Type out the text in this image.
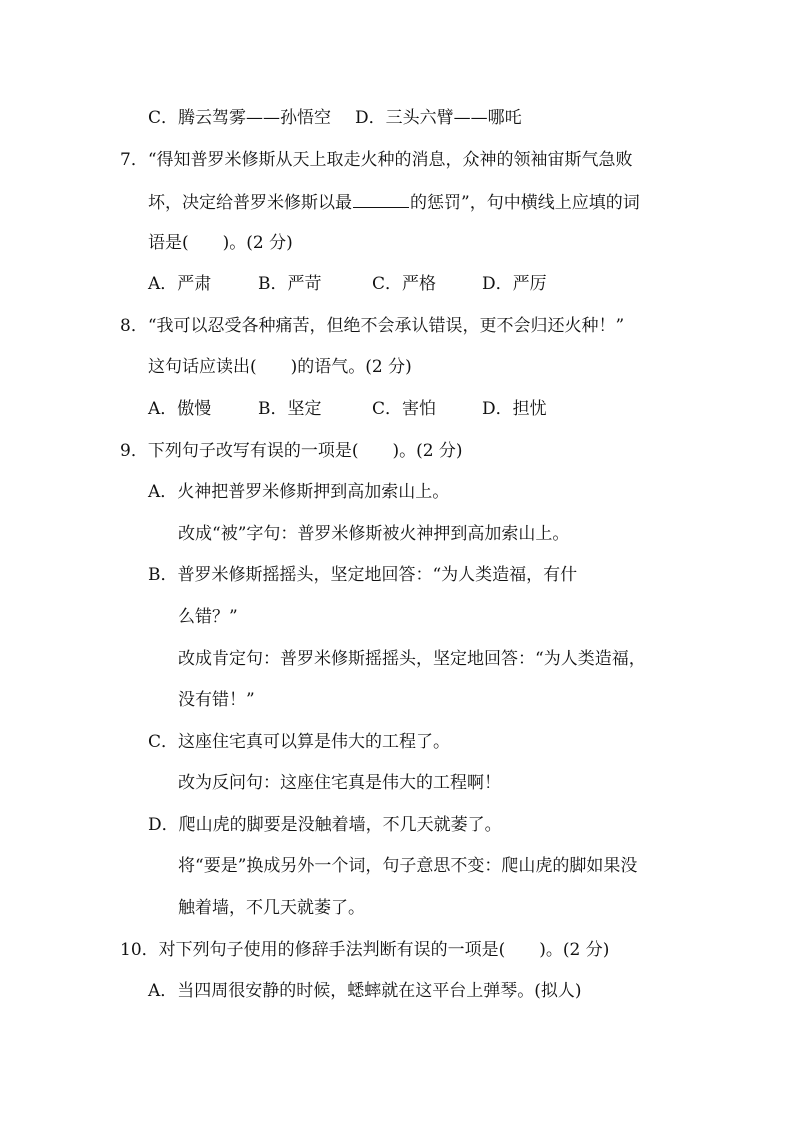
C．腾云驾雾——孙悟空 D．三头六臂——哪吒
7．“得知普罗米修斯从天上取走火种的消息，众神的领袖宙斯气急败
坏，决定给普罗米修斯以最	的惩罚”，句中横线上应填的词
语是(　　)。(2 分)
A．严肃	B．严苛	C．严格	D．严厉
8．“我可以忍受各种痛苦，但绝不会承认错误，更不会归还火种！”
这句话应读出(　　)的语气。(2 分)
A．傲慢	B．坚定	C．害怕	D．担忧
9．下列句子改写有误的一项是(　　)。(2 分)
A．火神把普罗米修斯押到高加索山上。
改成“被”字句：普罗米修斯被火神押到高加索山上。
B．普罗米修斯摇摇头，坚定地回答：“为人类造福，有什
么错？”
改成肯定句：普罗米修斯摇摇头，坚定地回答：“为人类造福，
没有错！”
C．这座住宅真可以算是伟大的工程了。
改为反问句：这座住宅真是伟大的工程啊！
D．爬山虎的脚要是没触着墙，不几天就萎了。
将“要是”换成另外一个词，句子意思不变：爬山虎的脚如果没
触着墙，不几天就萎了。
10．对下列句子使用的修辞手法判断有误的一项是(　　)。(2 分)
A．当四周很安静的时候，蟋蟀就在这平台上弹琴。(拟人)
